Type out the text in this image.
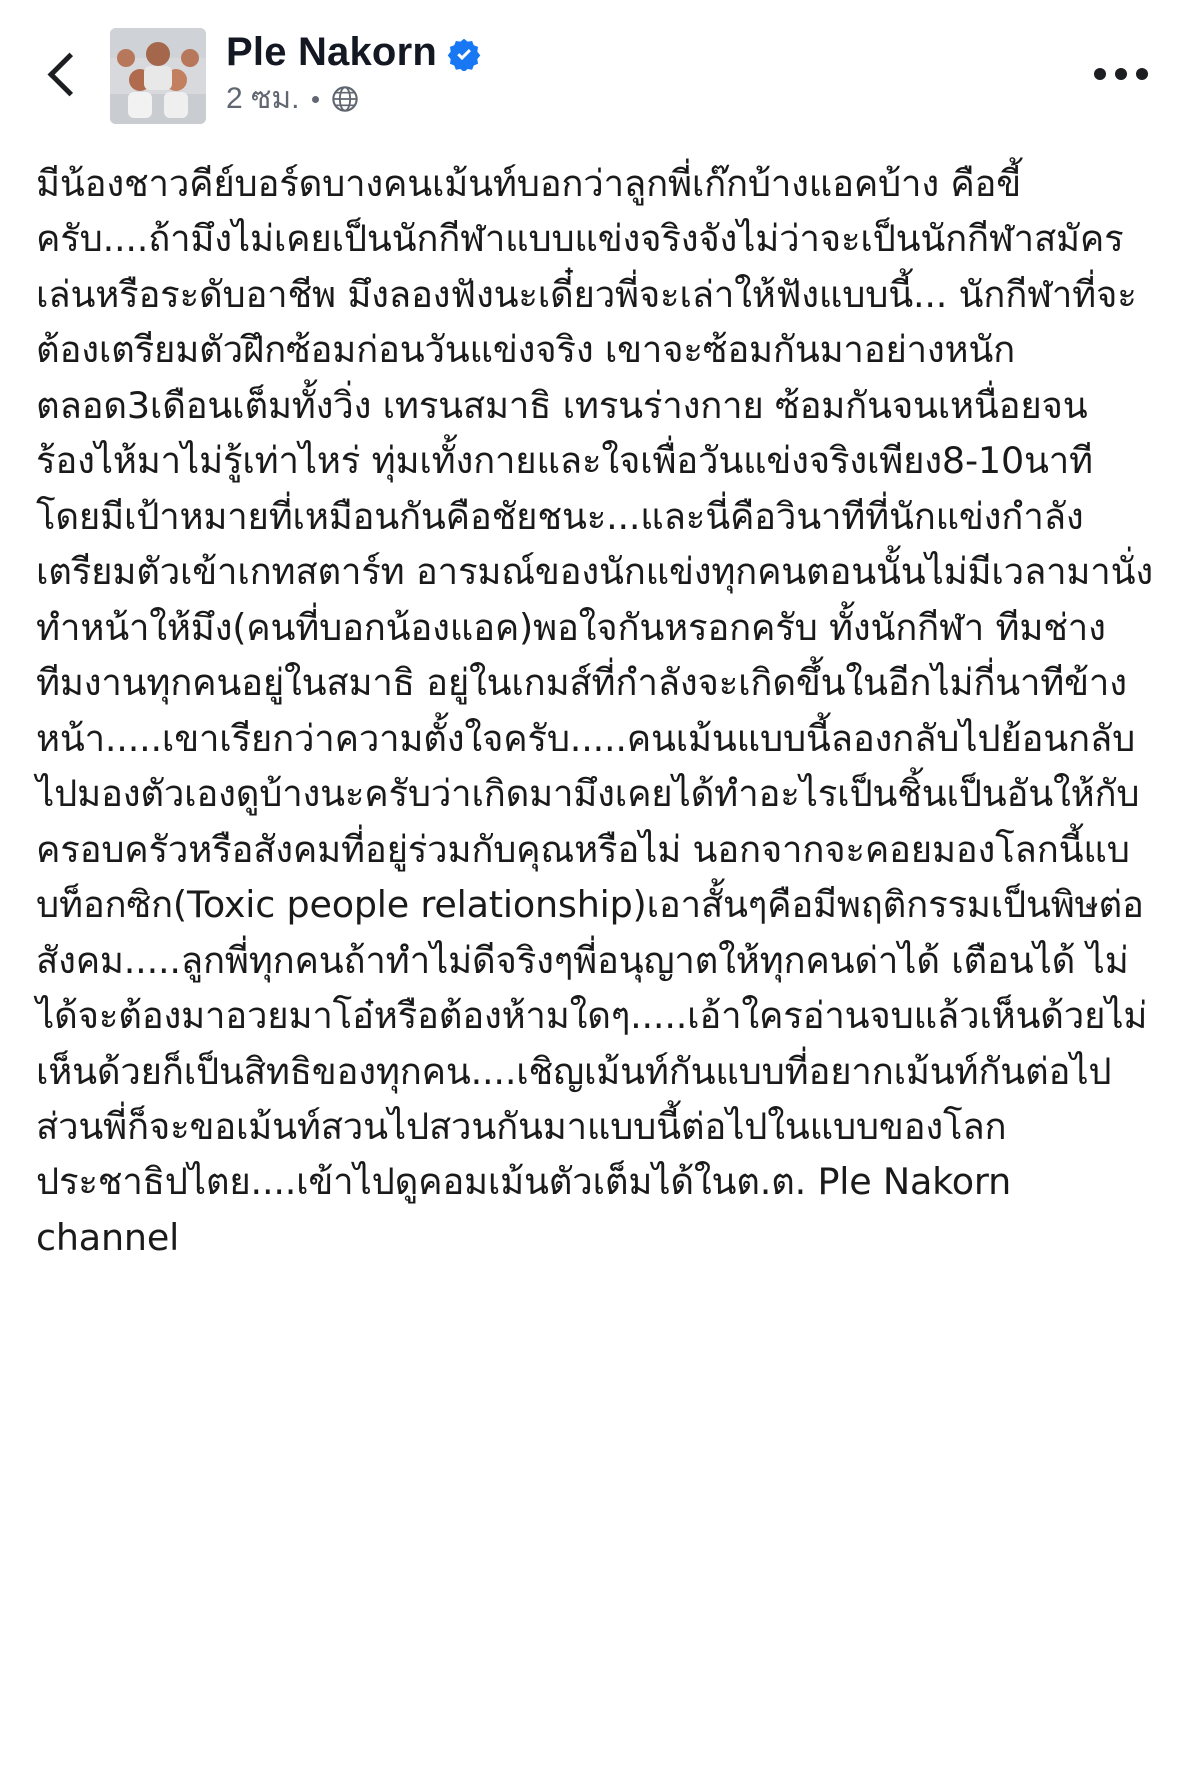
Ple Nakorn
2 ซม.

มีน้องชาวคีย์บอร์ดบางคนเม้นท์บอกว่าลูกพี่เก๊กบ้างแอคบ้าง คือขี้ครับ....ถ้ามึงไม่เคยเป็นนักกีฬาแบบแข่งจริงจังไม่ว่าจะเป็นนักกีฬาสมัครเล่นหรือระดับอาชีพ มึงลองฟังนะเดี๋ยวพี่จะเล่าให้ฟังแบบนี้... นักกีฬาที่จะต้องเตรียมตัวฝึกซ้อมก่อนวันแข่งจริง เขาจะซ้อมกันมาอย่างหนักตลอด3เดือนเต็มทั้งวิ่ง เทรนสมาธิ เทรนร่างกาย ซ้อมกันจนเหนื่อยจนร้องไห้มาไม่รู้เท่าไหร่ ทุ่มเทั้งกายและใจเพื่อวันแข่งจริงเพียง8-10นาที โดยมีเป้าหมายที่เหมือนกันคือชัยชนะ...และนี่คือวินาทีที่นักแข่งกำลังเตรียมตัวเข้าเกทสตาร์ท อารมณ์ของนักแข่งทุกคนตอนนั้นไม่มีเวลามานั่งทำหน้าให้มึง(คนที่บอกน้องแอค)พอใจกันหรอกครับ ทั้งนักกีฬา ทีมช่าง ทีมงานทุกคนอยู่ในสมาธิ อยู่ในเกมส์ที่กำลังจะเกิดขึ้นในอีกไม่กี่นาทีข้างหน้า.....เขาเรียกว่าความตั้งใจครับ.....คนเม้นแบบนี้ลองกลับไปย้อนกลับไปมองตัวเองดูบ้างนะครับว่าเกิดมามึงเคยได้ทำอะไรเป็นชิ้นเป็นอันให้กับครอบครัวหรือสังคมที่อยู่ร่วมกับคุณหรือไม่ นอกจากจะคอยมองโลกนี้แบบท็อกซิก(Toxic people relationship)เอาสั้นๆคือมีพฤติกรรมเป็นพิษต่อสังคม.....ลูกพี่ทุกคนถ้าทำไม่ดีจริงๆพี่อนุญาตให้ทุกคนด่าได้ เตือนได้ ไม่ได้จะต้องมาอวยมาโอ๋หรือต้องห้ามใดๆ.....เอ้าใครอ่านจบแล้วเห็นด้วยไม่เห็นด้วยก็เป็นสิทธิของทุกคน....เชิญเม้นท์กันแบบที่อยากเม้นท์กันต่อไป ส่วนพี่ก็จะขอเม้นท์สวนไปสวนกันมาแบบนี้ต่อไปในแบบของโลกประชาธิปไตย....เข้าไปดูคอมเม้นตัวเต็มได้ในต.ต. Ple Nakorn channel
